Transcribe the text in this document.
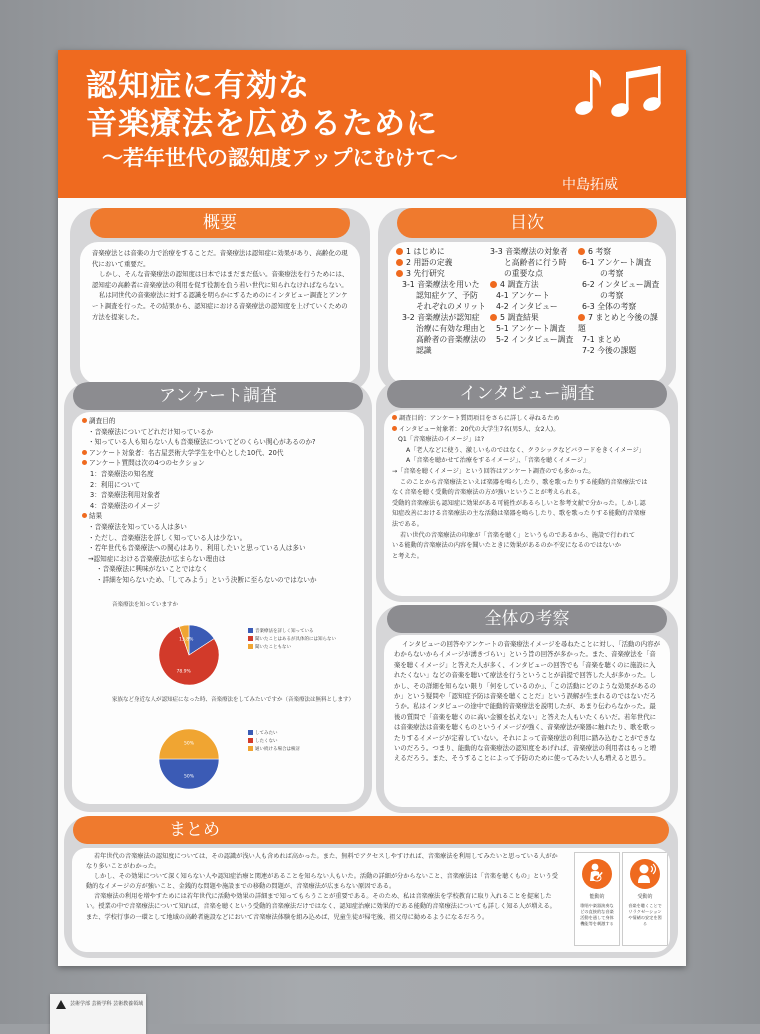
認知症に有効な
音楽療法を広めるために
〜若年世代の認知度アップにむけて〜
中島拓威
概要

音楽療法とは音楽の力で治療をすることだ。音楽療法は認知症に効果があり、高齢化の現代において重要だ。

しかし、そんな音楽療法の認知度は日本ではまだまだ低い。音楽療法を行うためには、認知症の高齢者に音楽療法の利用を促す役割を負う若い世代に知られなければならない。

私は同世代の音楽療法に対する認識を明らかにするためのにインタビュー調査とアンケート調査を行った。その結果から、認知症における音楽療法の認知度を上げていくための方法を提案した。

目次
1 はじめに
2 用語の定義
3 先行研究
3-1 音楽療法を用いた
認知症ケア、予防
それぞれのメリット
3-2 音楽療法が認知症
治療に有効な理由と
高齢者の音楽療法の
認識
3-3 音楽療法の対象者
と高齢者に行う時
の重要な点
4 調査方法
4-1 アンケート
4-2 インタビュー
5 調査結果
5-1 アンケート調査
5-2 インタビュー調査
6 考察
6-1 アンケート調査
の考察
6-2 インタビュー調査
の考察
6-3 全体の考察
7 まとめと今後の課題
7-1 まとめ
7-2 今後の課題
アンケート調査
調査目的
・音楽療法についてどれだけ知っているか
・知っている人も知らない人も音楽療法についてどのくらい関心があるのか?
アンケート対象者：名古屋芸術大学学生を中心とした10代、20代
アンケート質問は次の4つのセクション
1：音楽療法の知名度
2：利用について
3：音楽療法利用対象者
4：音楽療法のイメージ
結果
・音楽療法を知っている人は多い
・ただし、音楽療法を詳しく知っている人は少ない。
・若年世代も音楽療法への関心はあり、利用したいと思っている人は多い
→認知症における音楽療法が広まらない理由は
・音楽療法に興味がないことではなく
・詳細を知らないため、「してみよう」という決断に至らないのではないか
音楽療法を知っていますか
78.9%
15.8%
音楽療法を詳しく知っている
聞いたことはあるが具体的には知らない
聞いたこともない
家族など身近な人が認知症になった時、音楽療法をしてみたいですか（音楽療法は無料とします）
50%
50%
してみたい
したくない
通い続ける場合は検討
インタビュー調査
調査目的：アンケート質問項目をさらに詳しく尋ねるため
インタビュー対象者：20代の大学生7名(男5人、女2人)。
Q1「音楽療法のイメージ」は?
A「老人などに使う、激しいものではなく、クラシックなどバラードをきくイメージ」
A「音楽を聴かせて治療をするイメージ」、「音楽を聴くイメージ」
→「音楽を聴くイメージ」という回答はアンケート調査のでも多かった。
このことから音楽療法といえば楽器を鳴らしたり、歌を歌ったりする能動的音楽療法では
なく音楽を聴く受動的音楽療法の方が強いということが考えられる。
受動的音楽療法も認知症に効果がある可能性があるらしいと参考文献で分かった。しかし認
知症改善における音楽療法の主な活動は楽器を鳴らしたり、歌を歌ったりする能動的音楽療
法である。
若い世代の音楽療法の印象が「音楽を聴く」というものであるから、施設で行われて
いる能動的音楽療法の内容を聞いたときに効果があるのか不安になるのではないか
と考えた。
全体の考察
インタビューの回答やアンケートの音楽療法イメージを尋ねたことに対し、「活動の内容がわからないからイメージが湧きづらい」という旨の回答が多かった。また、音楽療法を「音楽を聴くイメージ」と答えた人が多く、インタビューの回答でも「音楽を聴くのに施設に入れたくない」などの音楽を聴いて療法を行うということが前提で回答した人が多かった。しかし、その詳細を知らない限り「何をしているのか」、「この活動にどのような効果があるのか」という疑問や「認知症予防は音楽を聴くことだ」という誤解が生まれるのではないだろうか。私はインタビューの途中で能動的音楽療法を説明したが、あまり伝わらなかった。最後の質問で「音楽を聴くのに高い金額を払えない」と答えた人もいたくらいだ。若年世代には音楽療法は音楽を聴くものというイメージが強く、音楽療法が楽器に触れたり、歌を歌ったりするイメージが定着していない。それによって音楽療法の利用に踏み込むことができないのだろう。つまり、能動的な音楽療法の認知度をあげれば、音楽療法の利用者はもっと増えるだろう。また、そうすることによって予防のために使ってみたい人も増えると思う。
まとめ

若年世代の音楽療法の認知度については、その認識が浅い人も含めれば高かった。また、無料でアクセスしやすければ、音楽療法を利用してみたいと思っている人がかなり多いことがわかった。

しかし、その効果について深く知らない人や認知症治療と関連があることを知らない人もいた。活動の詳細が分からないこと、音楽療法は「音楽を聴くもの」という受動的なイメージの方が強いこと、金銭的な問題や施設までの移動の問題が、音楽療法が広まらない原因である。

音楽療法の利用を増やすためには若年世代に活動や効果の詳細まで知ってもらうことが重要である。そのため、私は音楽療法を学校教育に取り入れることを提案したい。授業の中で音楽療法について知れば、音楽を聴くという受動的音楽療法だけではなく、認知症治療に効果的である能動的音楽療法についても詳しく知る人が増える。また、学校行事の一環として地域の高齢者施設などにおいて音楽療法体験を組み込めば、児童生徒が帰宅後、祖父母に勧めるようになるだろう。

能動的
歌唱や楽器演奏などの直接的な音楽活動を通して身体機能等を刺激する
受動的
音楽を聴くことでリラクゼーションや情緒の安定を図る
芸術学部 芸術学科 芸術教養領域
